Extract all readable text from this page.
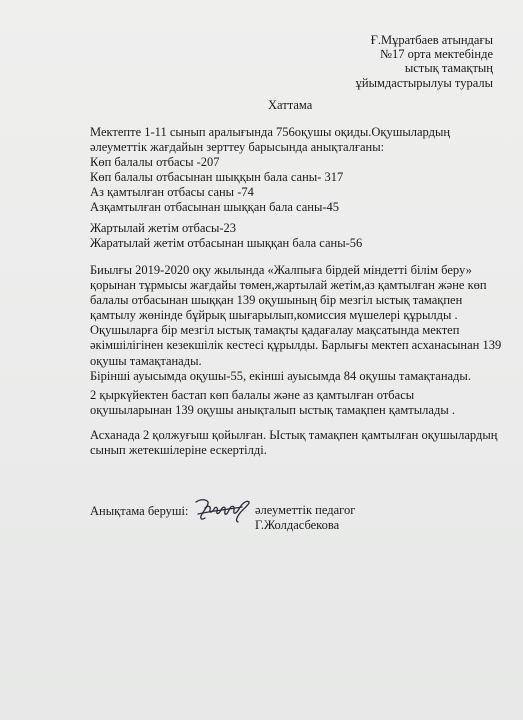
Ғ.Мұратбаев атындағы
№17 орта мектебінде
ыстық тамақтың
ұйымдастырылуы туралы
Хаттама
Мектепте 1-11 сынып аралығында 756оқушы оқиды.Оқушылардың
әлеуметтік жағдайын зерттеу барысында анықталғаны:
Көп балалы отбасы -207
Көп балалы отбасынан шыққын бала саны- 317
Аз қамтылған отбасы саны -74
Азқамтылған отбасынан шыққан бала саны-45
Жартылай жетім отбасы-23
Жаратылай жетім отбасынан шыққан бала саны-56
Биылғы 2019-2020 оқу жылында «Жалпыға бірдей міндетті білім беру»
қорынан тұрмысы жағдайы төмен,жартылай жетім,аз қамтылған және көп
балалы отбасынан шыққан 139 оқушының бір мезгіл ыстық тамақпен
қамтылу жөнінде бұйрық шығарылып,комиссия мүшелері құрылды .
Оқушыларға бір мезгіл ыстық тамақты қадағалау мақсатында мектеп
әкімшілігінен кезекшілік кестесі құрылды. Барлығы мектеп асханасынан 139
оқушы тамақтанады.
Бірінші ауысымда оқушы-55, екінші ауысымда 84 оқушы тамақтанады.
2 қыркүйектен бастап көп балалы және аз қамтылған отбасы
оқушыларынан 139 оқушы анықталып ыстық тамақпен қамтылады .
Асханада 2 қолжуғыш қойылған. Ыстық тамақпен қамтылған оқушылардың
сынып жетекшілеріне ескертілді.
Анықтама беруші:	әлеуметтік педагог
Г.Жолдасбекова
